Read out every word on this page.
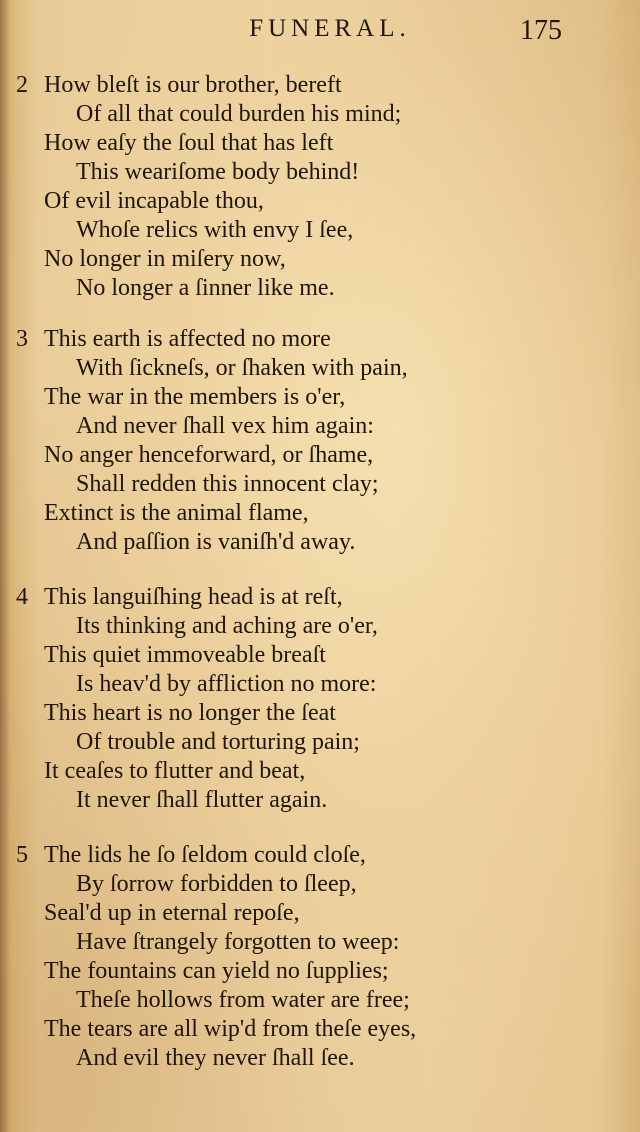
FUNERAL.	175
2 How bleſt is our brother, bereft
Of all that could burden his mind;
How eaſy the ſoul that has left
This weariſome body behind!
Of evil incapable thou,
Whoſe relics with envy I ſee,
No longer in miſery now,
No longer a ſinner like me.
3 This earth is affected no more
With ſickneſs, or ſhaken with pain,
The war in the members is o'er,
And never ſhall vex him again:
No anger henceforward, or ſhame,
Shall redden this innocent clay;
Extinct is the animal flame,
And paſſion is vaniſh'd away.
4 This languiſhing head is at reſt,
Its thinking and aching are o'er,
This quiet immoveable breaſt
Is heav'd by affliction no more:
This heart is no longer the ſeat
Of trouble and torturing pain;
It ceaſes to flutter and beat,
It never ſhall flutter again.
5 The lids he ſo ſeldom could cloſe,
By ſorrow forbidden to ſleep,
Seal'd up in eternal repoſe,
Have ſtrangely forgotten to weep:
The fountains can yield no ſupplies;
Theſe hollows from water are free;
The tears are all wip'd from theſe eyes,
And evil they never ſhall ſee.
